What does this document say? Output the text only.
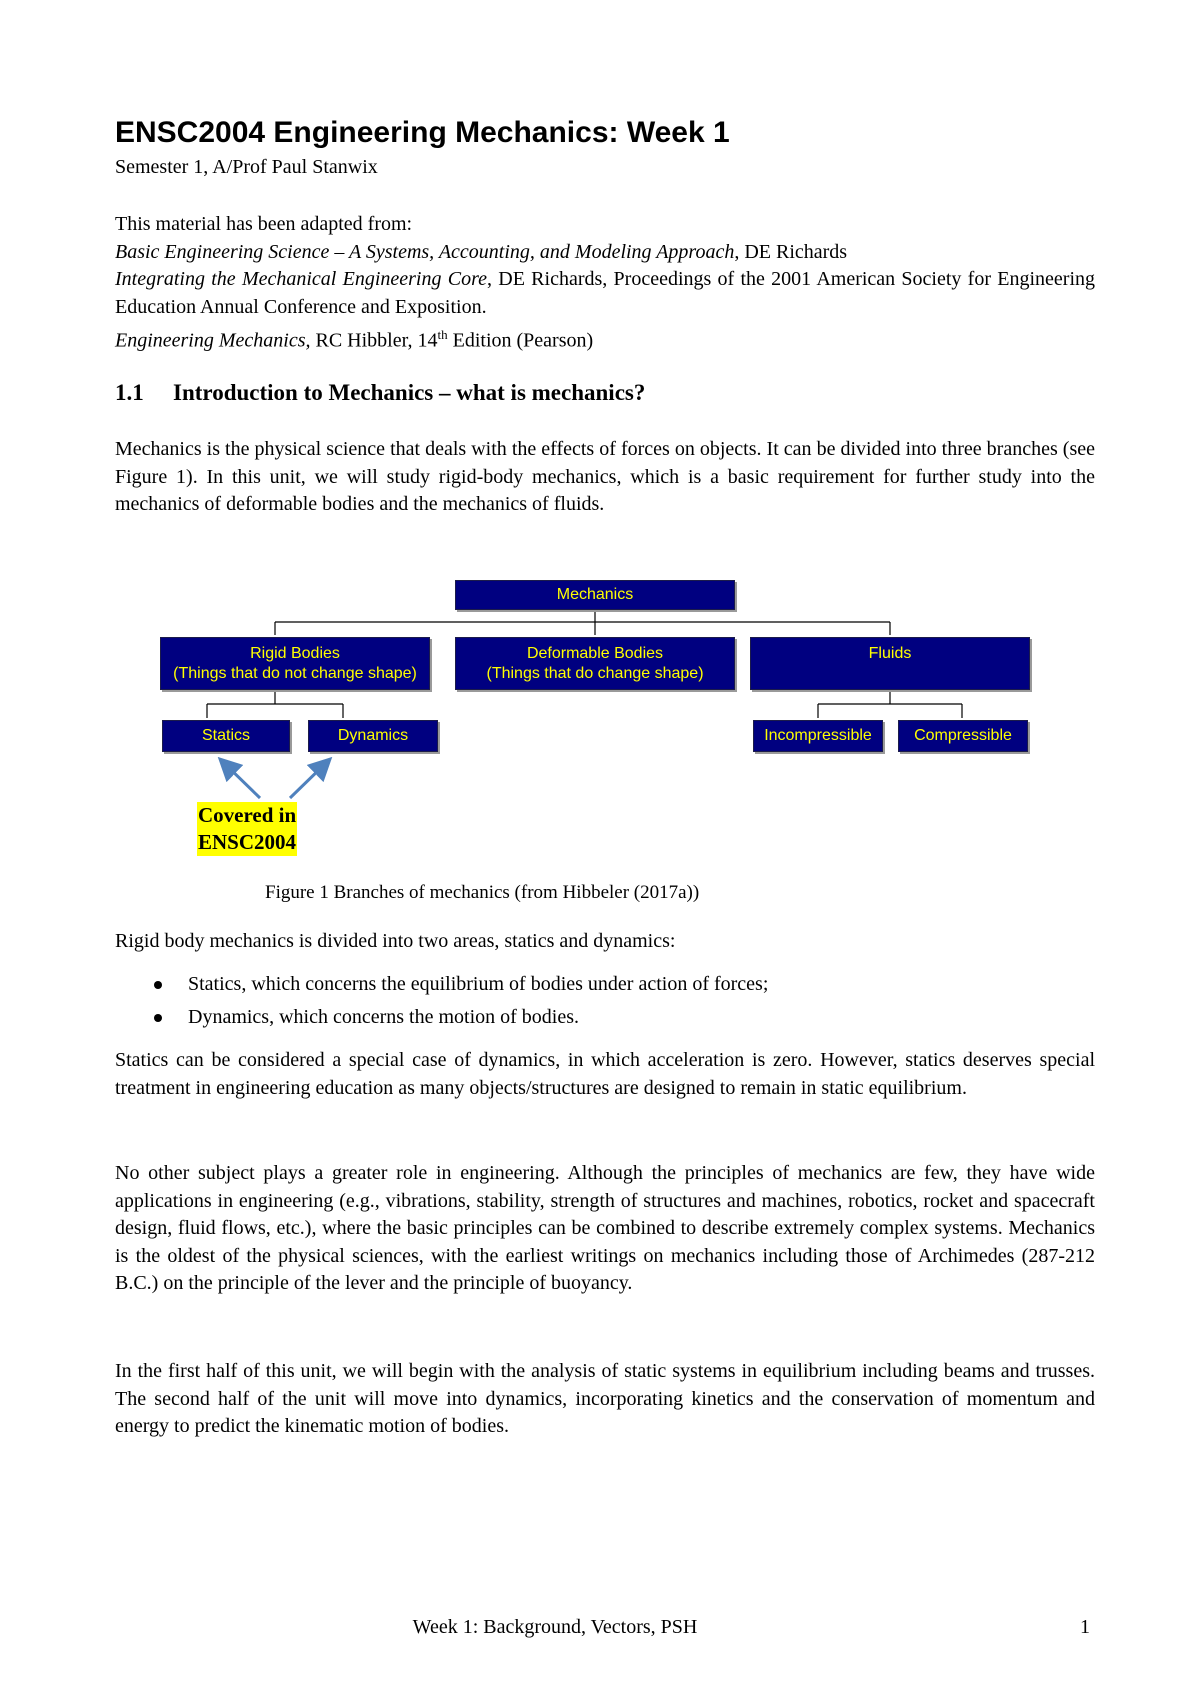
ENSC2004 Engineering Mechanics: Week 1

Semester 1, A/Prof Paul Stanwix

This material has been adapted from:

Basic Engineering Science – A Systems, Accounting, and Modeling Approach, DE Richards

Integrating the Mechanical Engineering Core, DE Richards, Proceedings of the 2001 American Society for Engineering Education Annual Conference and Exposition.

Engineering Mechanics, RC Hibbler, 14th Edition (Pearson)

1.1 Introduction to Mechanics – what is mechanics?

Mechanics is the physical science that deals with the effects of forces on objects. It can be divided into three branches (see Figure 1). In this unit, we will study rigid-body mechanics, which is a basic requirement for further study into the mechanics of deformable bodies and the mechanics of fluids.

Mechanics
Rigid Bodies
(Things that do not change shape)
Deformable Bodies
(Things that do change shape)
Fluids
Statics	Dynamics	Incompressible	Compressible
Covered in
ENSC2004
Figure 1 Branches of mechanics (from Hibbeler (2017a))

Rigid body mechanics is divided into two areas, statics and dynamics:

Statics, which concerns the equilibrium of bodies under action of forces;
Dynamics, which concerns the motion of bodies.

Statics can be considered a special case of dynamics, in which acceleration is zero. However, statics deserves special treatment in engineering education as many objects/structures are designed to remain in static equilibrium.

No other subject plays a greater role in engineering. Although the principles of mechanics are few, they have wide applications in engineering (e.g., vibrations, stability, strength of structures and machines, robotics, rocket and spacecraft design, fluid flows, etc.), where the basic principles can be combined to describe extremely complex systems. Mechanics is the oldest of the physical sciences, with the earliest writings on mechanics including those of Archimedes (287-212 B.C.) on the principle of the lever and the principle of buoyancy.

In the first half of this unit, we will begin with the analysis of static systems in equilibrium including beams and trusses. The second half of the unit will move into dynamics, incorporating kinetics and the conservation of momentum and energy to predict the kinematic motion of bodies.

Week 1: Background, Vectors, PSH	1
